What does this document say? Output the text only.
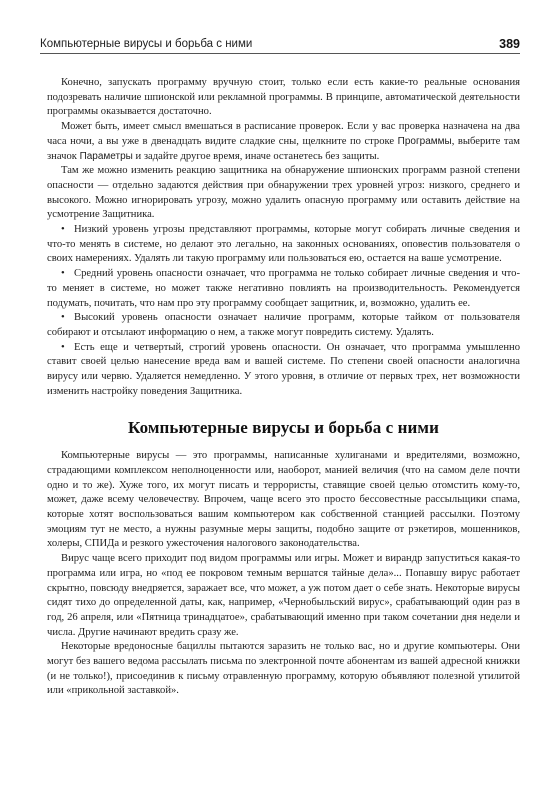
Компьютерные вирусы и борьба с ними	389

Конечно, запускать программу вручную стоит, только если есть какие-то реальные основания подозревать наличие шпионской или рекламной программы. В принципе, автоматической деятельности программы оказывается достаточно.

Может быть, имеет смысл вмешаться в расписание проверок. Если у вас проверка назначена на два часа ночи, а вы уже в двенадцать видите сладкие сны, щелкните по строке Программы, выберите там значок Параметры и задайте другое время, иначе останетесь без защиты.

Там же можно изменить реакцию защитника на обнаружение шпионских программ разной степени опасности — отдельно задаются действия при обнаружении трех уровней угроз: низкого, среднего и высокого. Можно игнорировать угрозу, можно удалить опасную программу или оставить действие на усмотрение Защитника.

• Низкий уровень угрозы представляют программы, которые могут собирать личные сведения и что-то менять в системе, но делают это легально, на законных основаниях, оповестив пользователя о своих намерениях. Удалять ли такую программу или пользоваться ею, остается на ваше усмотрение.

• Средний уровень опасности означает, что программа не только собирает личные сведения и что-то меняет в системе, но может также негативно повлиять на производительность. Рекомендуется подумать, почитать, что нам про эту программу сообщает защитник, и, возможно, удалить ее.

• Высокий уровень опасности означает наличие программ, которые тайком от пользователя собирают и отсылают информацию о нем, а также могут повредить систему. Удалять.

• Есть еще и четвертый, строгий уровень опасности. Он означает, что программа умышленно ставит своей целью нанесение вреда вам и вашей системе. По степени своей опасности аналогична вирусу или червю. Удаляется немедленно. У этого уровня, в отличие от первых трех, нет возможности изменить настройку поведения Защитника.

Компьютерные вирусы и борьба с ними

Компьютерные вирусы — это программы, написанные хулиганами и вредителями, возможно, страдающими комплексом неполноценности или, наоборот, манией величия (что на самом деле почти одно и то же). Хуже того, их могут писать и террористы, ставящие своей целью отомстить кому-то, может, даже всему человечеству. Впрочем, чаще всего это просто бессовестные рассыльщики спама, которые хотят воспользоваться вашим компьютером как собственной станцией рассылки. Поэтому эмоциям тут не место, а нужны разумные меры защиты, подобно защите от рэкетиров, мошенников, холеры, СПИДа и резкого ужесточения налогового законодательства.

Вирус чаще всего приходит под видом программы или игры. Может и вирандр запуститься какая-то программа или игра, но «под ее покровом темным вершатся тайные дела»... Попавшу вирус работает скрытно, повсюду внедряется, заражает все, что может, а уж потом дает о себе знать. Некоторые вирусы сидят тихо до определенной даты, как, например, «Чернобыльский вирус», срабатывающий один раз в год, 26 апреля, или «Пятница тринадцатое», срабатывающий именно при таком сочетании дня недели и числа. Другие начинают вредить сразу же.

Некоторые вредоносные бациллы пытаются заразить не только вас, но и другие компьютеры. Они могут без вашего ведома рассылать письма по электронной почте абонентам из вашей адресной книжки (и не только!), присоединив к письму отравленную программу, которую объявляют полезной утилитой или «прикольной заставкой».
